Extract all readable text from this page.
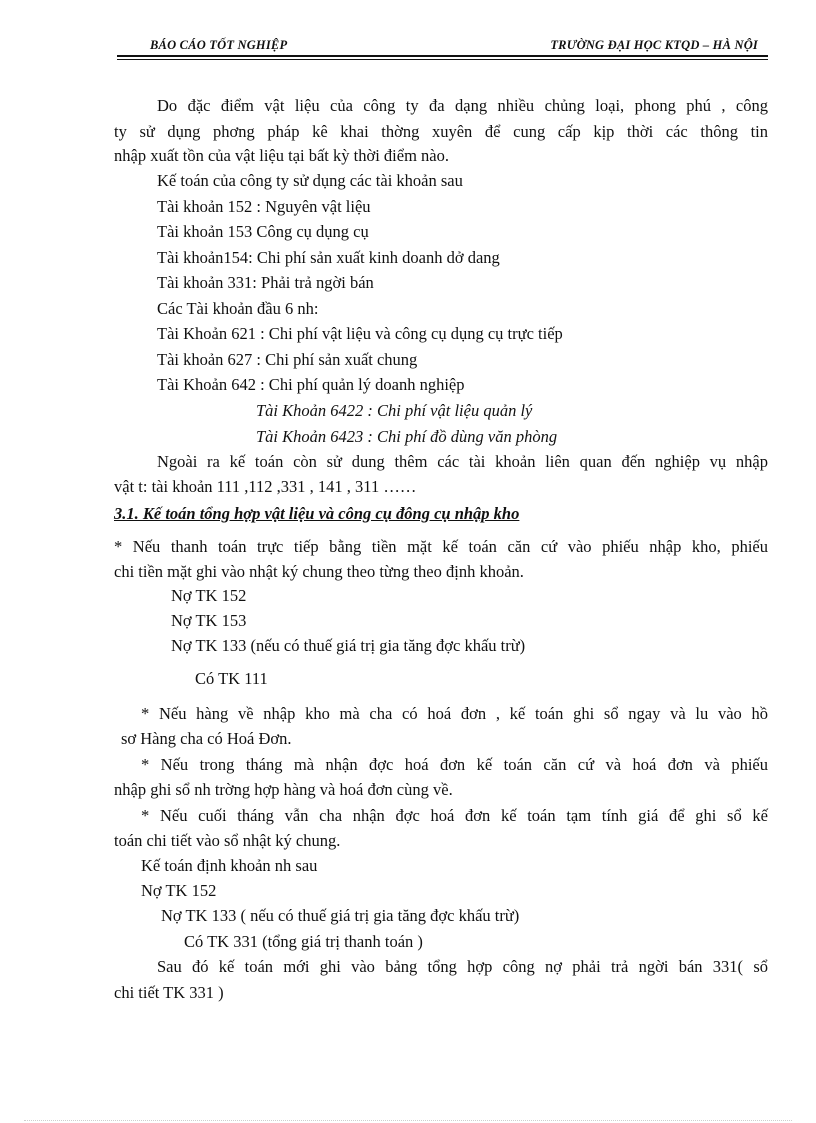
BÁO CÁO TỐT NGHIỆP	TRƯỜNG ĐẠI HỌC KTQD – HÀ NỘI
Do đặc điểm vật liệu của công ty đa dạng nhiều chủng loại, phong phú , công
ty sử dụng phơng pháp kê khai thờng xuyên để cung cấp kịp thời các thông tin
nhập xuất tồn của vật liệu tại bất kỳ thời điểm nào.
Kế toán của công ty sử dụng các tài khoản sau
Tài khoản 152 : Nguyên vật liệu
Tài khoản 153 Công cụ dụng cụ
Tài khoản154: Chi phí sản xuất kinh doanh dở dang
Tài khoản 331: Phải trả ngời bán
Các Tài khoản đầu 6 nh:
Tài Khoản 621 : Chi phí vật liệu và công cụ dụng cụ trực tiếp
Tài khoản 627 : Chi phí sản xuất chung
Tài Khoản 642 : Chi phí quản lý doanh nghiệp
Tài Khoản 6422 : Chi phí vật liệu quản lý
Tài Khoản 6423 : Chi phí đồ dùng văn phòng
Ngoài ra kế toán còn sử dung thêm các tài khoản liên quan đến nghiệp vụ nhập
vật t: tài khoản 111 ,112 ,331 , 141 , 311 ……
3.1. Kế toán tổng hợp vật liệu và công cụ đông cụ nhập kho
* Nếu thanh toán trực tiếp bằng tiền mặt kế toán căn cứ vào phiếu nhập kho, phiếu
chi tiền mặt ghi vào nhật ký chung theo từng theo định khoản.
Nợ TK 152
Nợ TK 153
Nợ TK 133 (nếu có thuế giá trị gia tăng đợc khấu trừ)
Có TK 111
* Nếu hàng về nhập kho mà cha có hoá đơn , kế toán ghi sổ ngay và lu vào hồ
sơ Hàng cha có Hoá Đơn.
* Nếu trong tháng mà nhận đợc hoá đơn kế toán căn cứ và hoá đơn và phiếu
nhập ghi sổ nh trờng hợp hàng và hoá đơn cùng về.
* Nếu cuối tháng vẫn cha nhận đợc hoá đơn kế toán tạm tính giá để ghi sổ kế
toán chi tiết vào sổ nhật ký chung.
Kế toán định khoản nh sau
Nợ TK 152
Nợ TK 133 ( nếu có thuế giá trị gia tăng đợc khấu trừ)
Có TK 331 (tổng giá trị thanh toán )
Sau đó kế toán mới ghi vào bảng tổng hợp công nợ phải trả ngời bán 331( sổ
chi tiết TK 331 )
